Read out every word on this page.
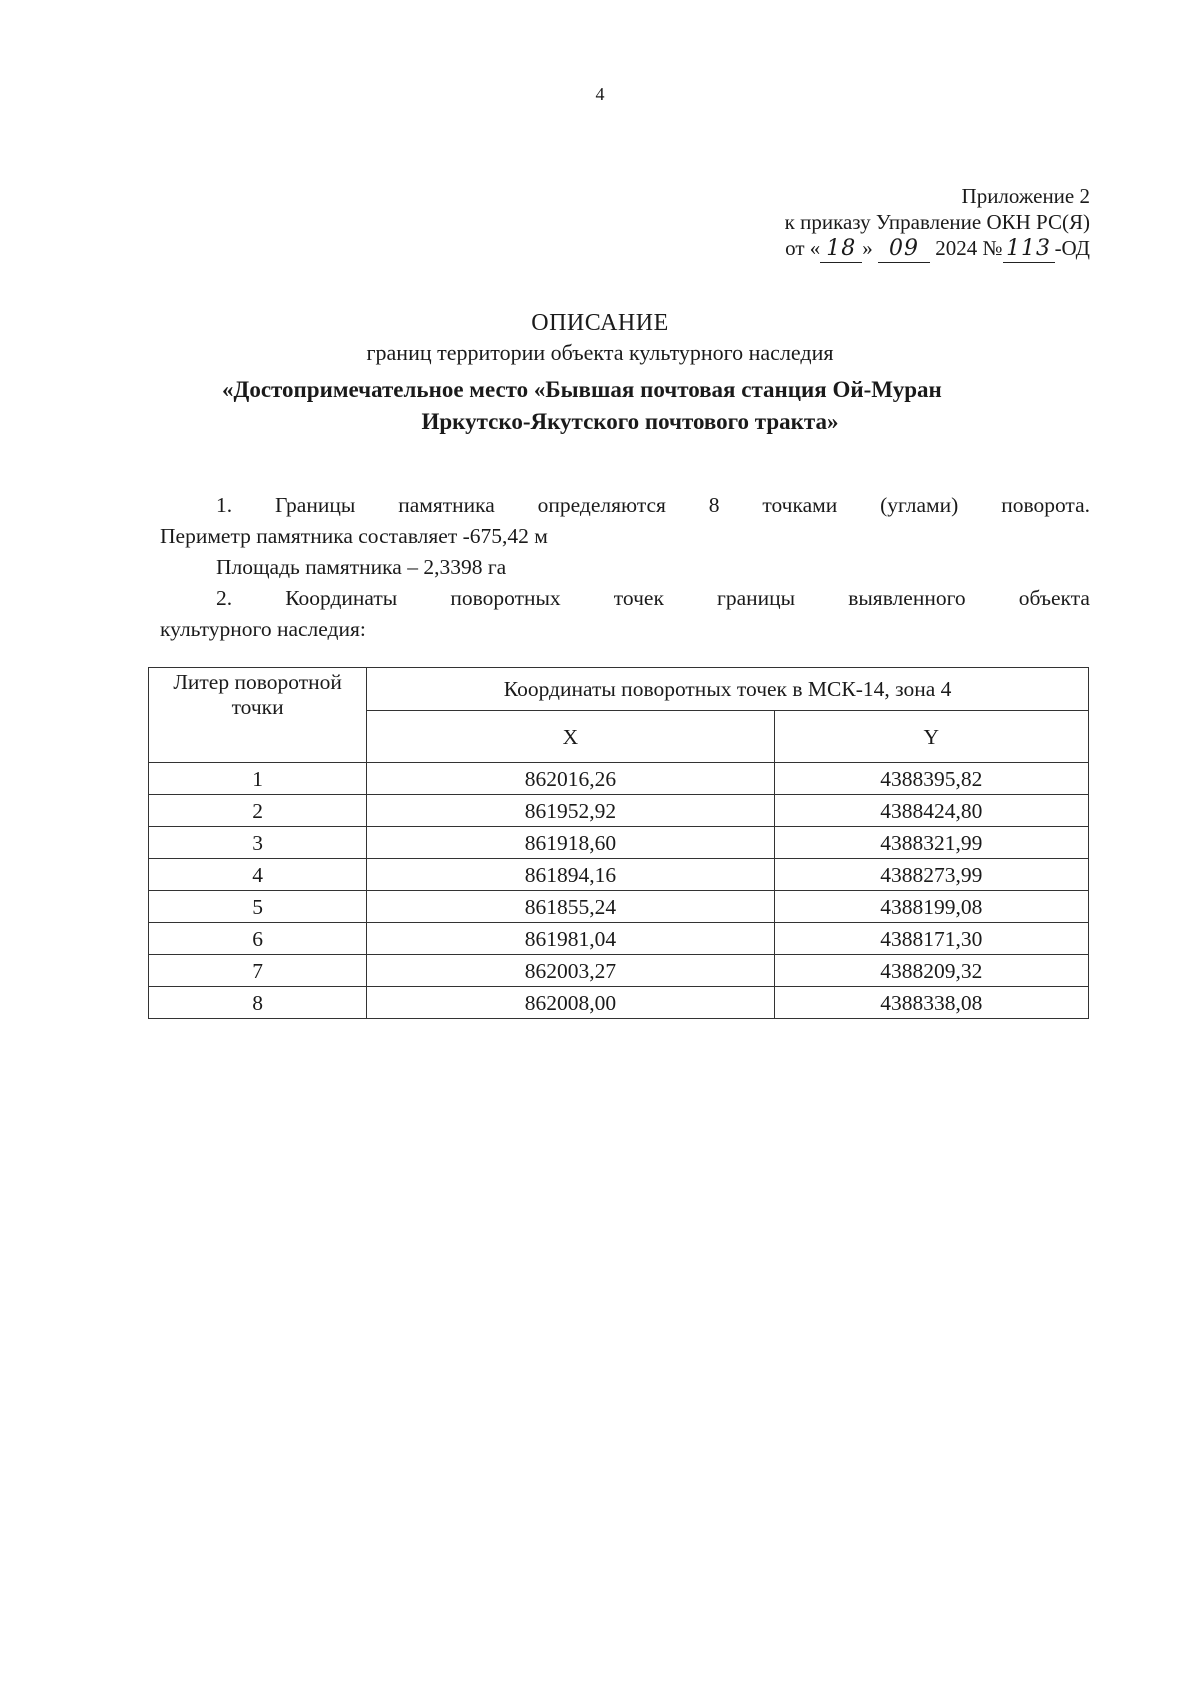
4
Приложение 2
к приказу Управление ОКН РС(Я)
от « 18 » 09 2024 № 113 -ОД
ОПИСАНИЕ
границ территории объекта культурного наследия
«Достопримечательное место «Бывшая почтовая станция Ой-Муран
Иркутско-Якутского почтового тракта»
1. Границы памятника определяются 8 точками (углами) поворота.

Периметр памятника составляет -675,42 м

Площадь памятника – 2,3398 га

2. Координаты поворотных точек границы выявленного объекта

культурного наследия:

Литер поворотной точки	Координаты поворотных точек в МСК-14, зона 4	
	X	Y
1	862016,26	4388395,82
2	861952,92	4388424,80
3	861918,60	4388321,99
4	861894,16	4388273,99
5	861855,24	4388199,08
6	861981,04	4388171,30
7	862003,27	4388209,32
8	862008,00	4388338,08
